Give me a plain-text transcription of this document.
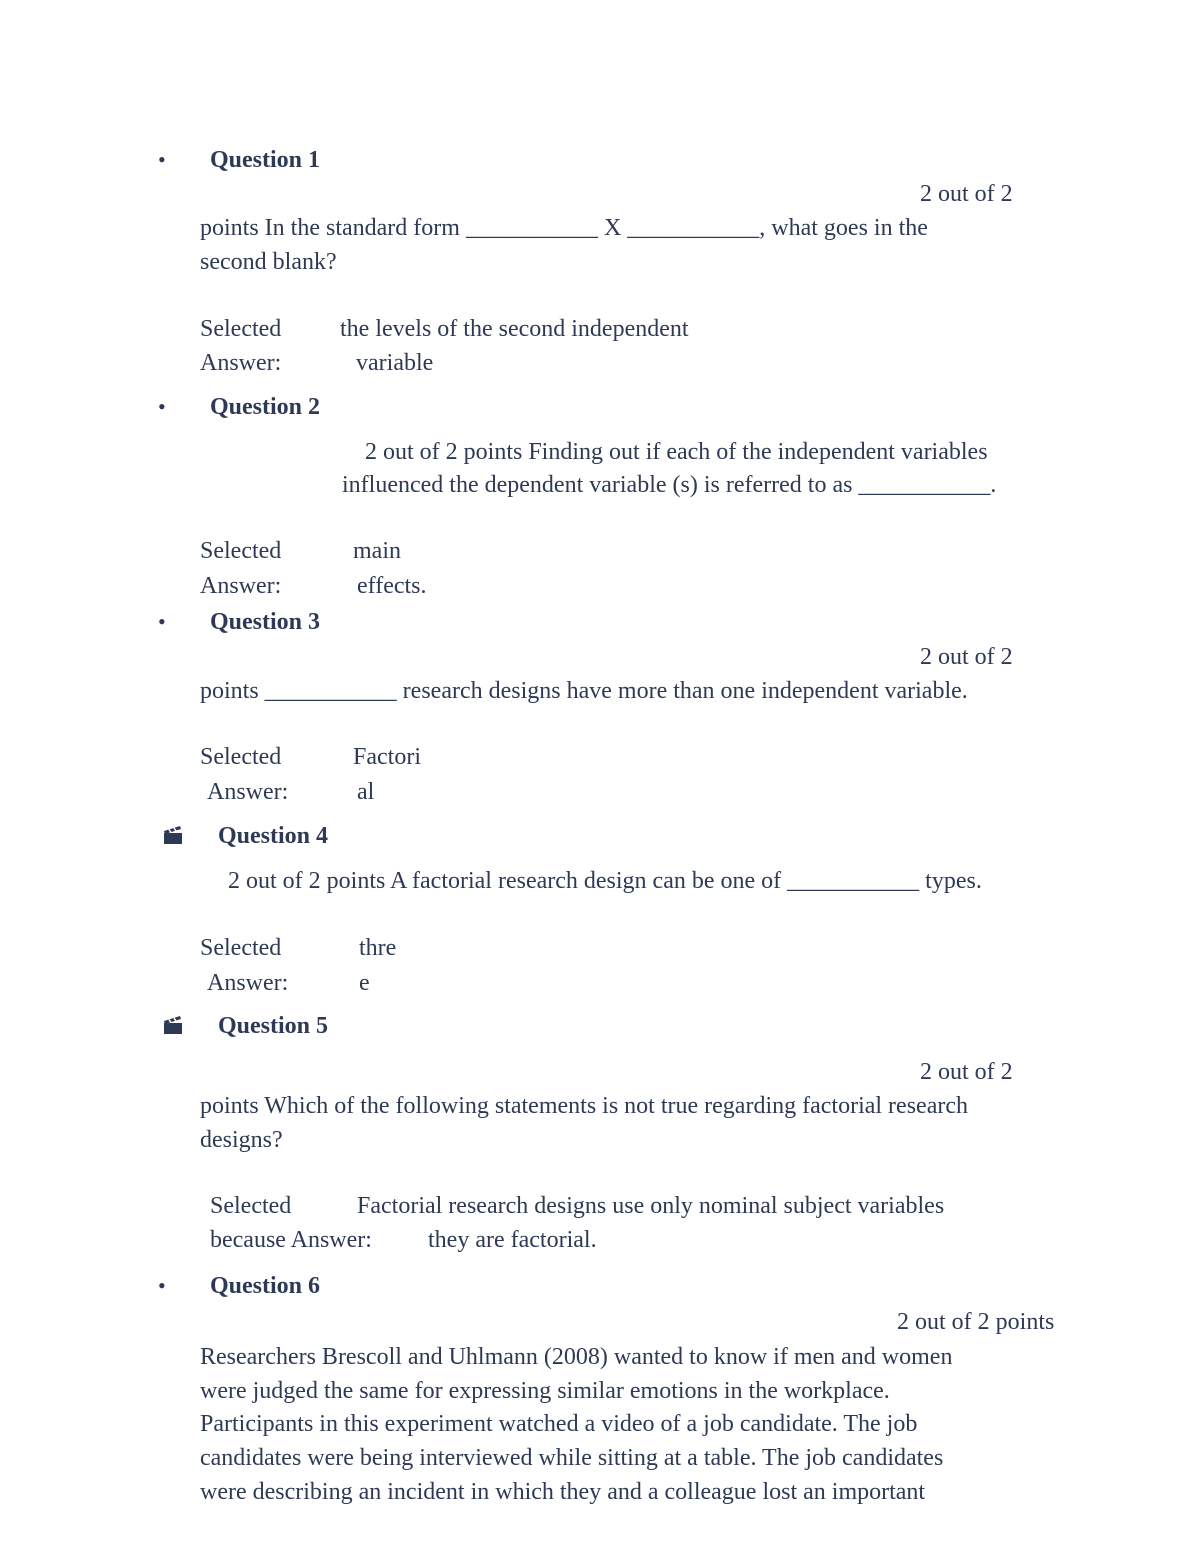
• Question 1
2 out of 2
points In the standard form ___________ X ___________, what goes in the
second blank?
Selected
Answer:
the levels of the second independent
variable
• Question 2
2 out of 2 points Finding out if each of the independent variables
influenced the dependent variable (s) is referred to as ___________.
Selected
Answer:
main
effects.
• Question 3
2 out of 2
points ___________ research designs have more than one independent variable.
Selected
Answer:
Factori
al
Question 4
2 out of 2 points A factorial research design can be one of ___________ types.
Selected
Answer:
thre
e
Question 5
2 out of 2
points Which of the following statements is not true regarding factorial research
designs?
Selected	Factorial research designs use only nominal subject variables
because Answer: they are factorial.
• Question 6
2 out of 2 points
Researchers Brescoll and Uhlmann (2008) wanted to know if men and women
were judged the same for expressing similar emotions in the workplace.
Participants in this experiment watched a video of a job candidate. The job
candidates were being interviewed while sitting at a table. The job candidates
were describing an incident in which they and a colleague lost an important
